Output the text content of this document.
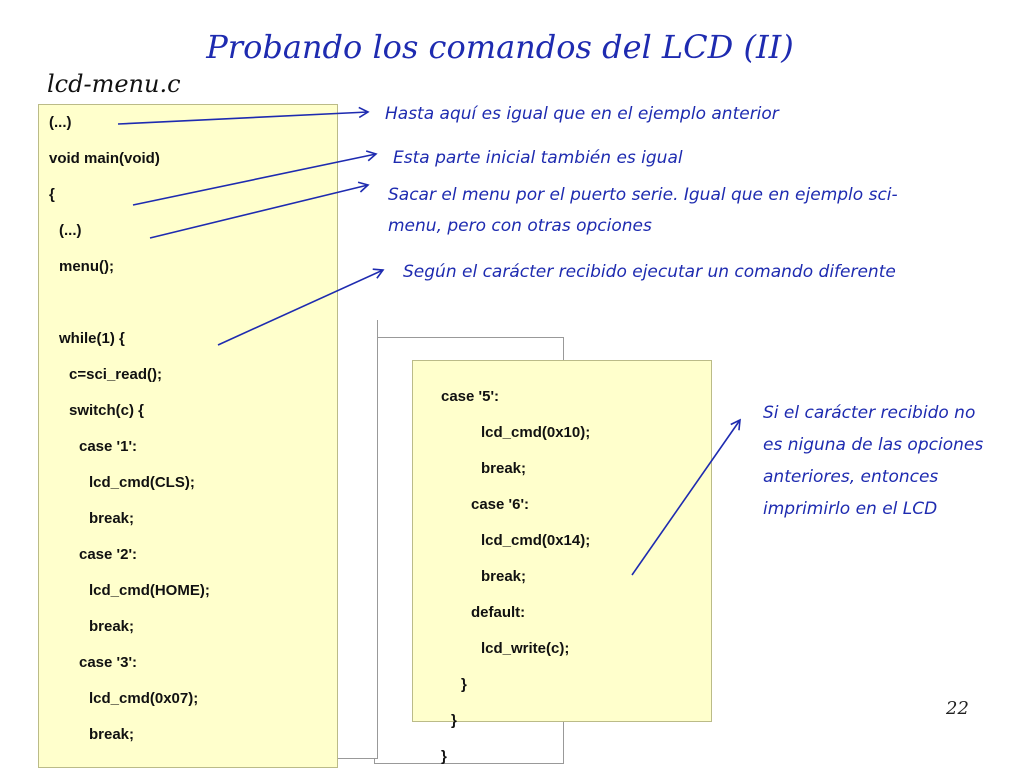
Probando los comandos del LCD (II)
lcd-menu.c
(...)
void main(void)
{
(...)
menu();
while(1) {
c=sci_read();
switch(c) {
case '1':
lcd_cmd(CLS);
break;
case '2':
lcd_cmd(HOME);
break;
case '3':
lcd_cmd(0x07);
break;
case '5':
lcd_cmd(0x10);
break;
case '6':
lcd_cmd(0x14);
break;
default:
lcd_write(c);
}
}
}
Hasta aquí es igual que en el ejemplo anterior
Esta parte inicial también es igual
Sacar el menu por el puerto serie. Igual que en ejemplo sci-
menu, pero con otras opciones
Según el carácter recibido ejecutar un comando diferente
Si el carácter recibido no
es niguna de las opciones
anteriores, entonces
imprimirlo en el LCD
22
